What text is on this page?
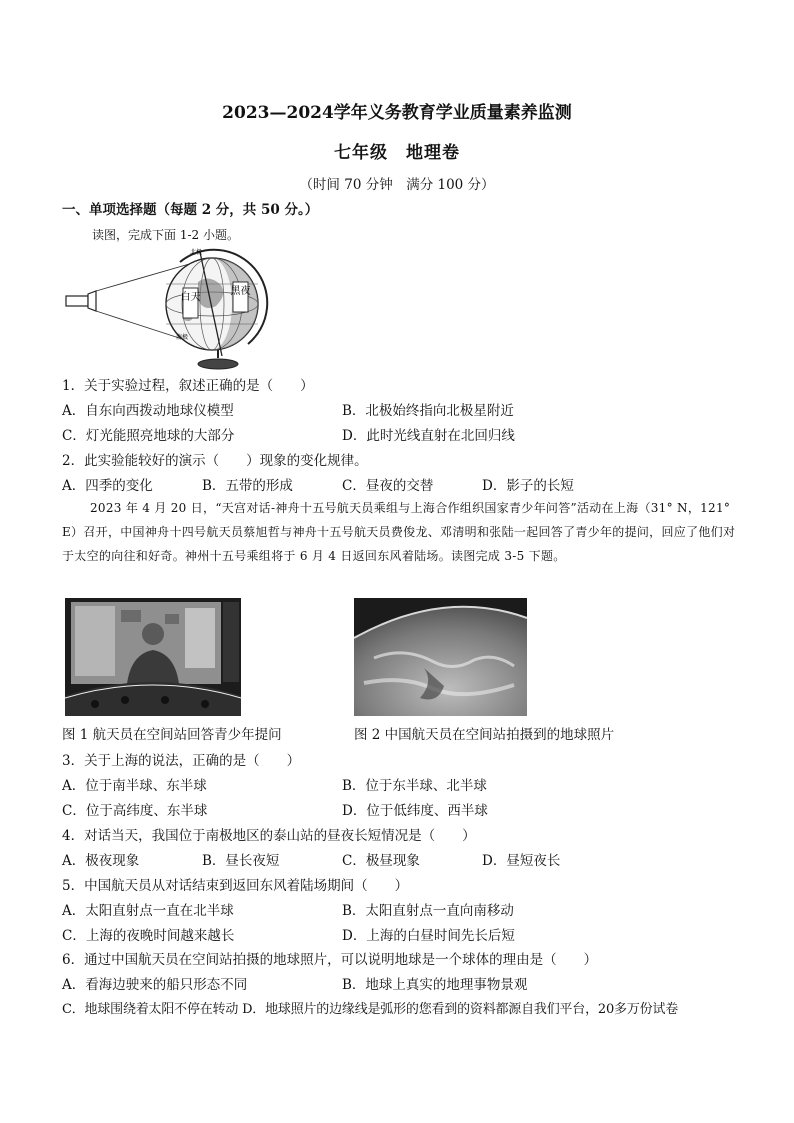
2023—2024学年义务教育学业质量素养监测
七年级　地理卷
（时间 70 分钟　满分 100 分）
一、单项选择题（每题 2 分，共 50 分。）
读图，完成下面 1-2 小题。
白天
黑夜
北极
南极
1．关于实验过程，叙述正确的是（　　）
A．自东向西拨动地球仪模型	B．北极始终指向北极星附近
C．灯光能照亮地球的大部分	D．此时光线直射在北回归线
2．此实验能较好的演示（　　）现象的变化规律。
A．四季的变化	B．五带的形成	C．昼夜的交替	D．影子的长短
2023 年 4 月 20 日，“天宫对话-神舟十五号航天员乘组与上海合作组织国家青少年问答”活动在上海（31° N，121° E）召开，中国神舟十四号航天员蔡旭哲与神舟十五号航天员费俊龙、邓清明和张陆一起回答了青少年的提问，回应了他们对于太空的向往和好奇。神州十五号乘组将于 6 月 4 日返回东风着陆场。读图完成 3-5 下题。
图 1 航天员在空间站回答青少年提问	图 2 中国航天员在空间站拍摄到的地球照片
3．关于上海的说法，正确的是（　　）
A．位于南半球、东半球	B．位于东半球、北半球
C．位于高纬度、东半球	D．位于低纬度、西半球
4．对话当天，我国位于南极地区的泰山站的昼夜长短情况是（　　）
A．极夜现象	B．昼长夜短	C．极昼现象	D．昼短夜长
5．中国航天员从对话结束到返回东风着陆场期间（　　）
A．太阳直射点一直在北半球	B．太阳直射点一直向南移动
C．上海的夜晚时间越来越长	D．上海的白昼时间先长后短
6．通过中国航天员在空间站拍摄的地球照片，可以说明地球是一个球体的理由是（　　）
A．看海边驶来的船只形态不同	B．地球上真实的地理事物景观
C．地球围绕着太阳不停在转动 D．地球照片的边缘线是弧形的您看到的资料都源自我们平台，20多万份试卷
